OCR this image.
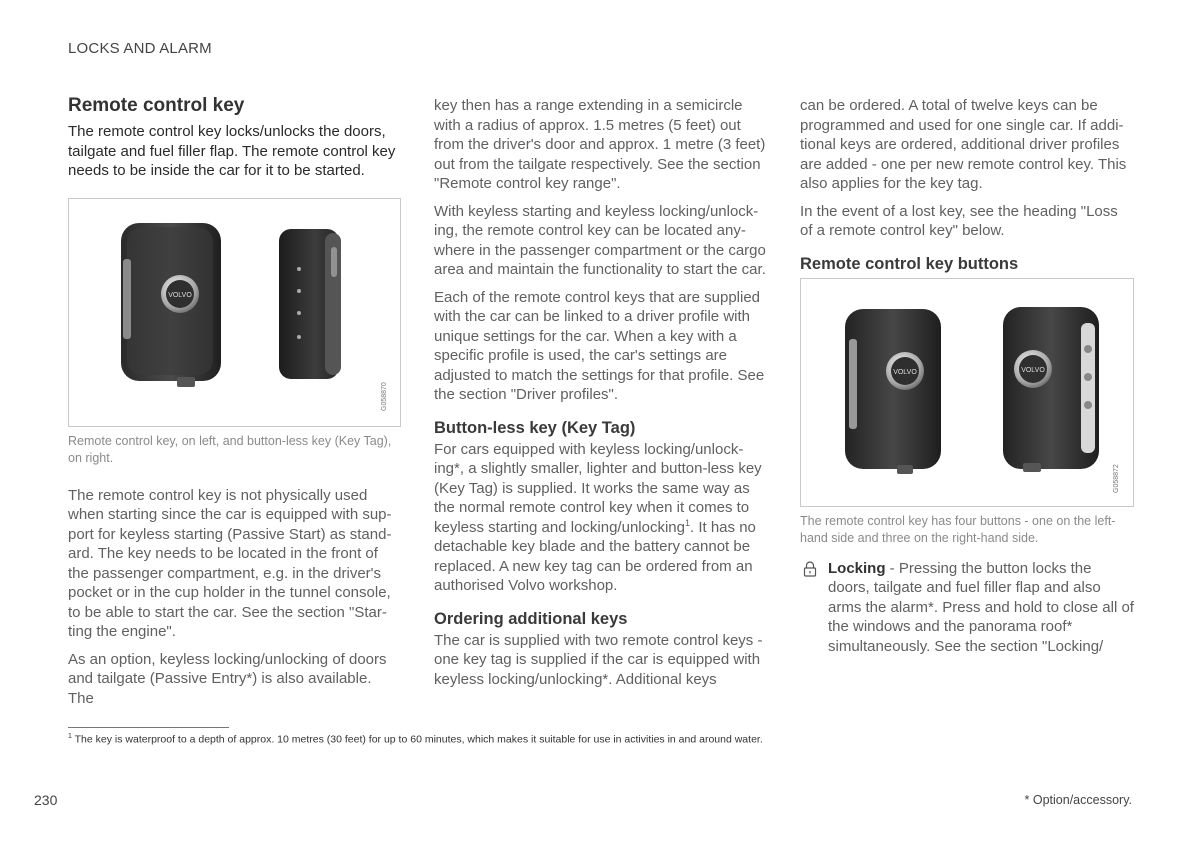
LOCKS AND ALARM
Remote control key
The remote control key locks/unlocks the doors, tailgate and fuel filler flap. The remote control key needs to be inside the car for it to be started.
VOLVO
G058870
Remote control key, on left, and button-less key (Key Tag), on right.
The remote control key is not physically used when starting since the car is equipped with sup-port for keyless starting (Passive Start) as stand-ard. The key needs to be located in the front of the passenger compartment, e.g. in the driver's pocket or in the cup holder in the tunnel console, to be able to start the car. See the section "Star-ting the engine".
As an option, keyless locking/unlocking of doors and tailgate (Passive Entry*) is also available. The
key then has a range extending in a semicircle with a radius of approx. 1.5 metres (5 feet) out from the driver's door and approx. 1 metre (3 feet) out from the tailgate respectively. See the section "Remote control key range".
With keyless starting and keyless locking/unlock-ing, the remote control key can be located any-where in the passenger compartment or the cargo area and maintain the functionality to start the car.
Each of the remote control keys that are supplied with the car can be linked to a driver profile with unique settings for the car. When a key with a specific profile is used, the car's settings are adjusted to match the settings for that profile. See the section "Driver profiles".
Button-less key (Key Tag)
For cars equipped with keyless locking/unlock-ing*, a slightly smaller, lighter and button-less key (Key Tag) is supplied. It works the same way as the normal remote control key when it comes to keyless starting and locking/unlocking$^1$. It has no detachable key blade and the battery cannot be replaced. A new key tag can be ordered from an authorised Volvo workshop.
Ordering additional keys
The car is supplied with two remote control keys - one key tag is supplied if the car is equipped with keyless locking/unlocking*. Additional keys
can be ordered. A total of twelve keys can be programmed and used for one single car. If addi-tional keys are ordered, additional driver profiles are added - one per new remote control key. This also applies for the key tag.
In the event of a lost key, see the heading "Loss of a remote control key" below.
Remote control key buttons
VOLVO	VOLVO
G058872
The remote control key has four buttons - one on the left-hand side and three on the right-hand side.
Locking - Pressing the button locks the doors, tailgate and fuel filler flap and also arms the alarm*. Press and hold to close all of the windows and the panorama roof* simultaneously. See the section "Locking/
$^1$ The key is waterproof to a depth of approx. 10 metres (30 feet) for up to 60 minutes, which makes it suitable for use in activities in and around water.
230	* Option/accessory.
